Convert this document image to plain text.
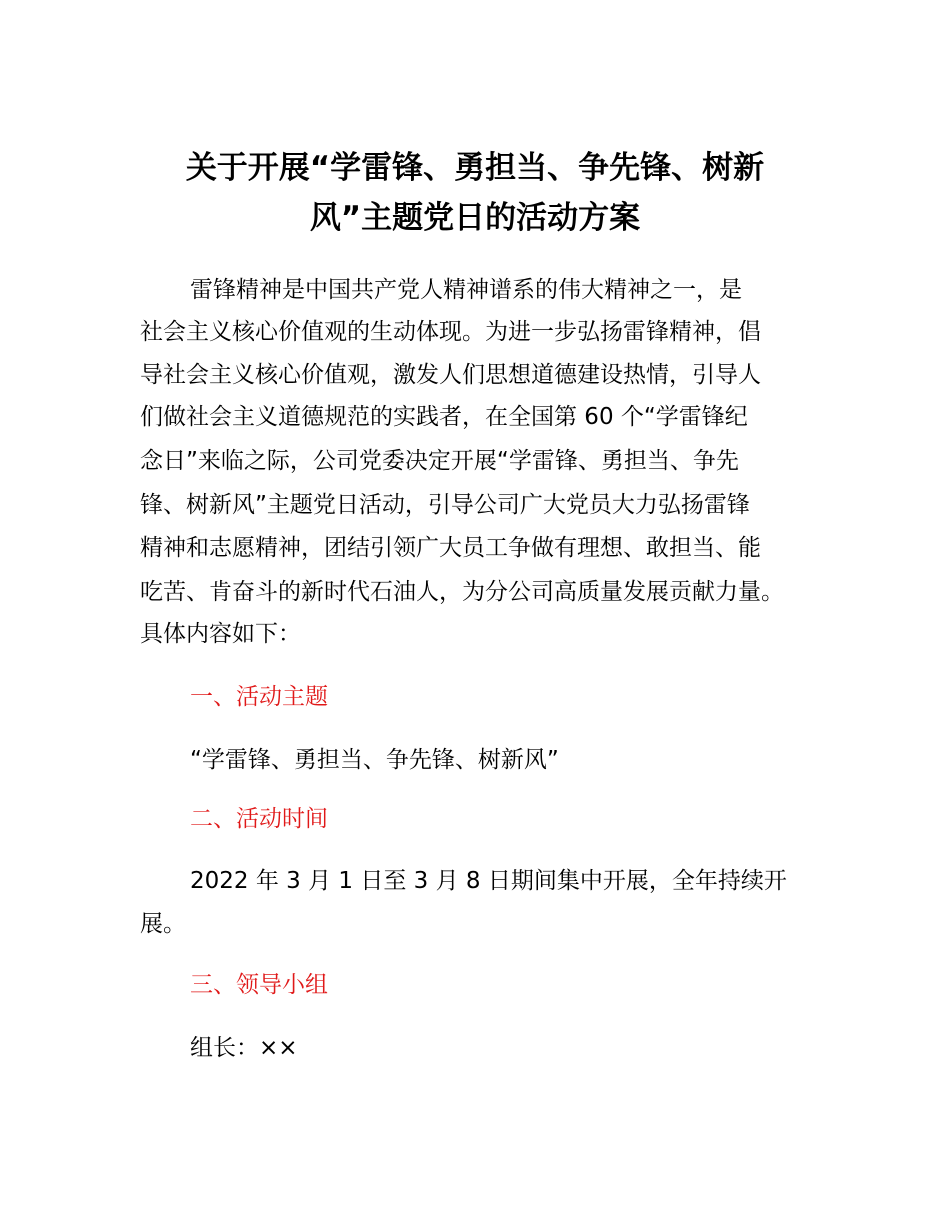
关于开展“学雷锋、勇担当、争先锋、树新
风”主题党日的活动方案
雷锋精神是中国共产党人精神谱系的伟大精神之一，是
社会主义核心价值观的生动体现。为进一步弘扬雷锋精神，倡
导社会主义核心价值观，激发人们思想道德建设热情，引导人
们做社会主义道德规范的实践者，在全国第 60 个“学雷锋纪
念日”来临之际，公司党委决定开展“学雷锋、勇担当、争先
锋、树新风”主题党日活动，引导公司广大党员大力弘扬雷锋
精神和志愿精神，团结引领广大员工争做有理想、敢担当、能
吃苦、肯奋斗的新时代石油人，为分公司高质量发展贡献力量。
具体内容如下：
一、活动主题
“学雷锋、勇担当、争先锋、树新风”
二、活动时间
2022 年 3 月 1 日至 3 月 8 日期间集中开展，全年持续开
展。
三、领导小组
组长：××
